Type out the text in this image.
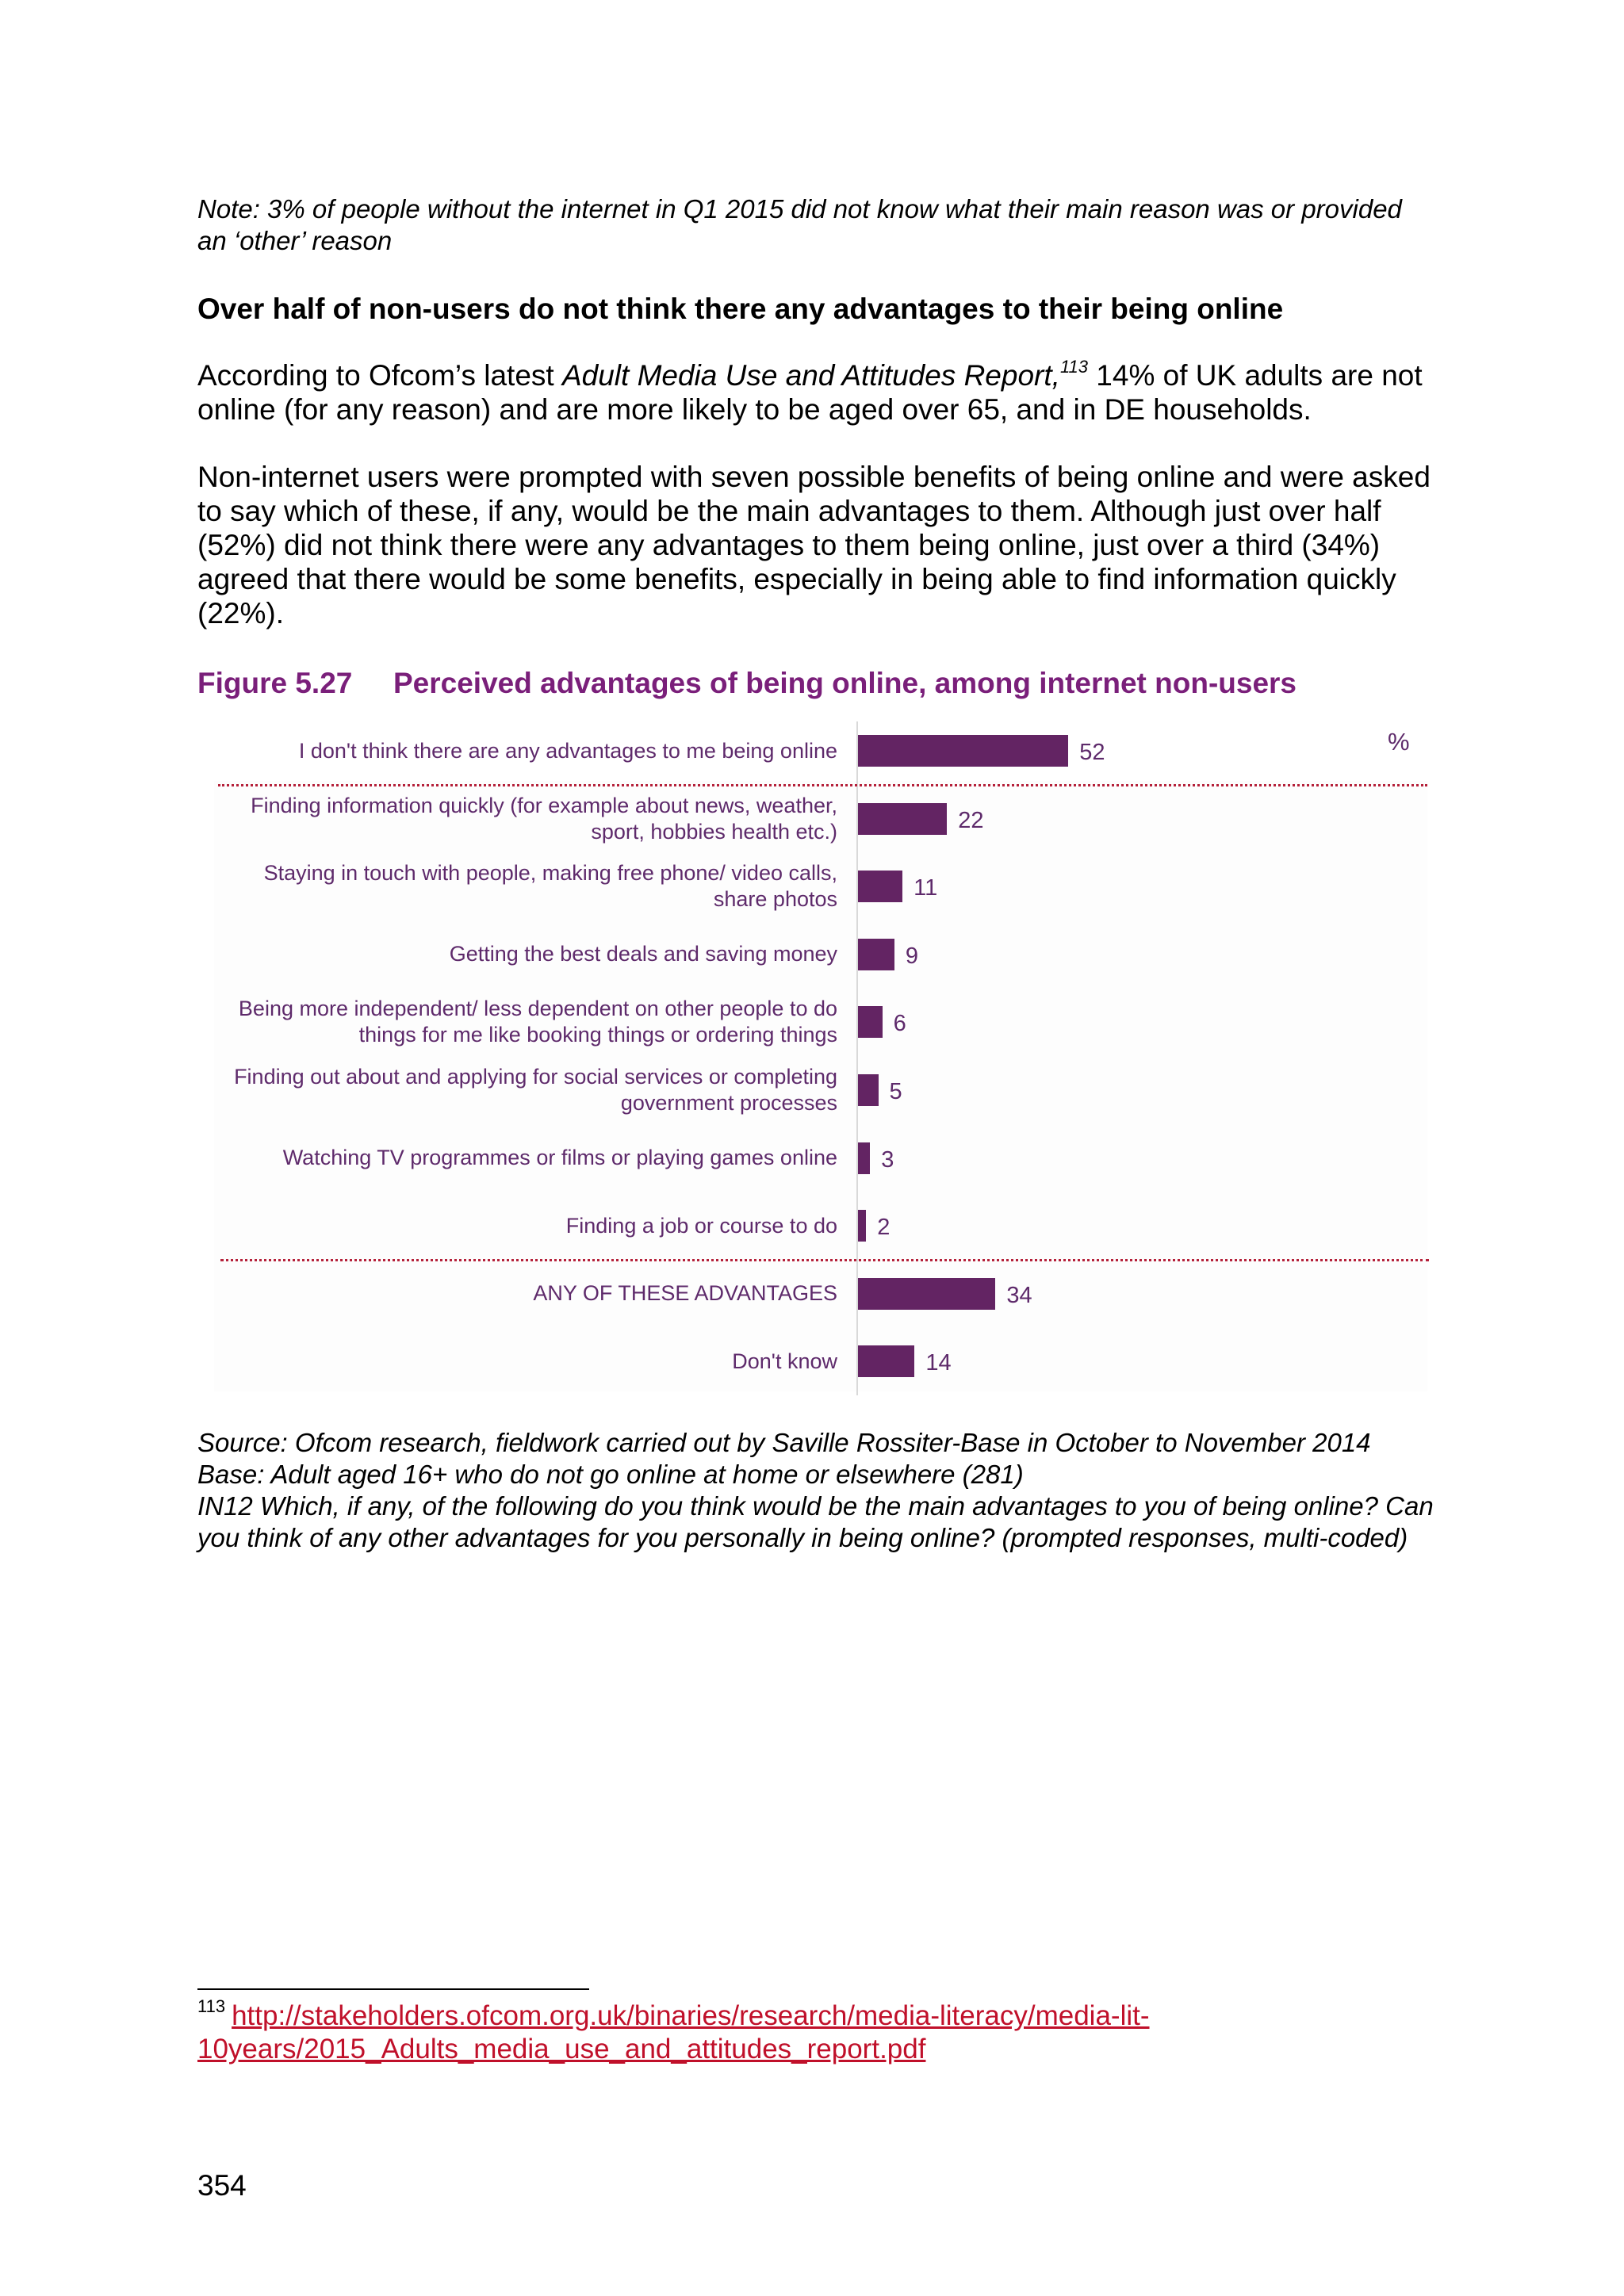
Note: 3% of people without the internet in Q1 2015 did not know what their main reason was or provided an ‘other’ reason
Over half of non-users do not think there any advantages to their being online
According to Ofcom’s latest Adult Media Use and Attitudes Report,$^{113}$ 14% of UK adults are not online (for any reason) and are more likely to be aged over 65, and in DE households.
Non-internet users were prompted with seven possible benefits of being online and were asked to say which of these, if any, would be the main advantages to them. Although just over half (52%) did not think there were any advantages to them being online, just over a third (34%) agreed that there would be some benefits, especially in being able to find information quickly (22%).
Figure 5.27 Perceived advantages of being online, among internet non-users
%
I don't think there are any advantages to me being online	52
Finding information quickly (for example about news, weather, sport, hobbies health etc.)	22
Staying in touch with people, making free phone/ video calls, share photos	11
Getting the best deals and saving money	9
Being more independent/ less dependent on other people to do things for me like booking things or ordering things 6
Finding out about and applying for social services or completing government processes 5
Watching TV programmes or films or playing games online 3
Finding a job or course to do 2
ANY OF THESE ADVANTAGES	34
Don't know	14
Source: Ofcom research, fieldwork carried out by Saville Rossiter-Base in October to November 2014
Base: Adult aged 16+ who do not go online at home or elsewhere (281)
IN12 Which, if any, of the following do you think would be the main advantages to you of being online? Can you think of any other advantages for you personally in being online? (prompted responses, multi-coded)
$^{113}$ http://stakeholders.ofcom.org.uk/binaries/research/media-literacy/media-lit-10years/2015_Adults_media_use_and_attitudes_report.pdf
354
